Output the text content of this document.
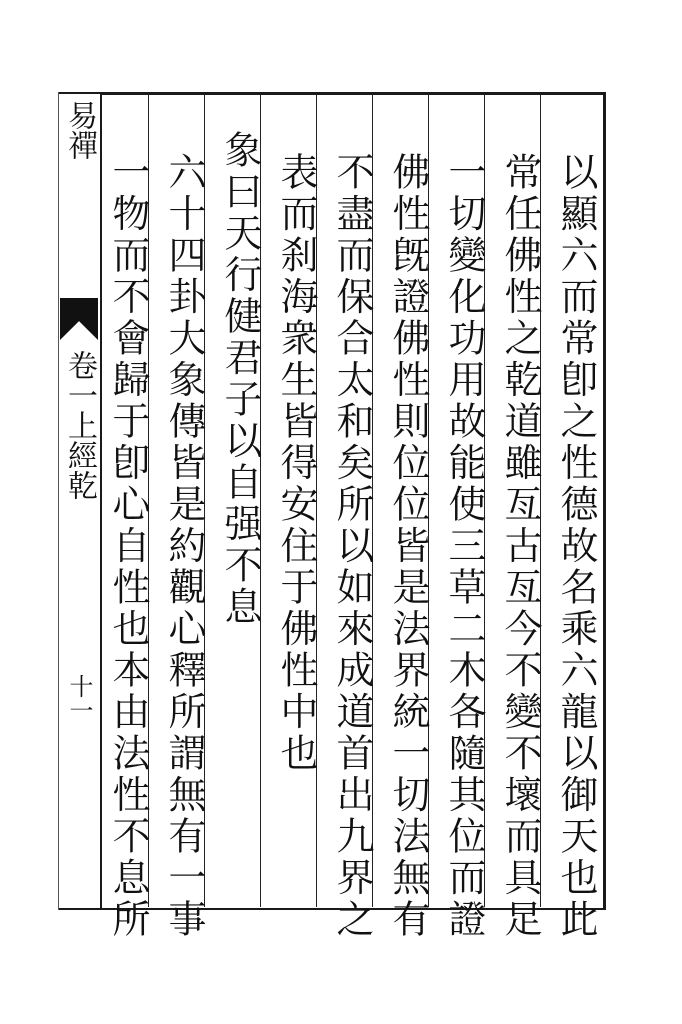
易禪
卷一上經乾
十一	以顯六而常卽之性德故名乘六龍以御天也此
常任佛性之乾道雖亙古亙今不變不壞而具足
一切變化功用故能使三草二木各隨其位而證
佛性旣證佛性則位位皆是法界統一切法無有
不盡而保合太和矣所以如來成道首出九界之
表而刹海衆生皆得安住于佛性中也
象曰天行健君子以自强不息
六十四卦大象傳皆是約觀心釋所謂無有一事
一物而不會歸于卽心自性也本由法性不息所
